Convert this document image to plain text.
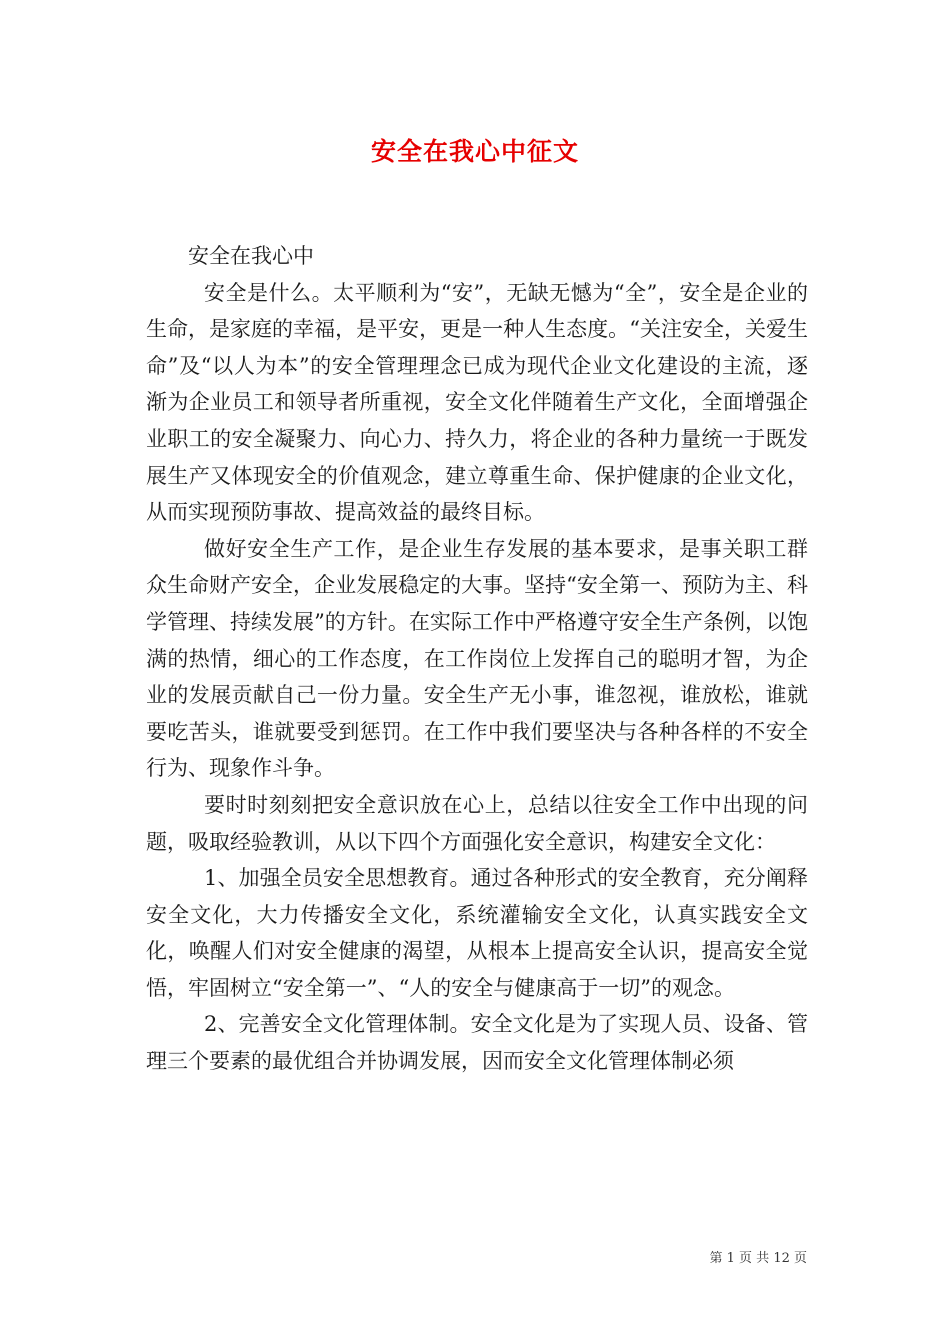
安全在我心中征文

安全在我心中

安全是什么。太平顺利为“安”，无缺无憾为“全”，安全是企业的生命，是家庭的幸福，是平安，更是一种人生态度。“关注安全，关爱生命”及“以人为本”的安全管理理念已成为现代企业文化建设的主流，逐渐为企业员工和领导者所重视，安全文化伴随着生产文化，全面增强企业职工的安全凝聚力、向心力、持久力，将企业的各种力量统一于既发展生产又体现安全的价值观念，建立尊重生命、保护健康的企业文化，从而实现预防事故、提高效益的最终目标。

做好安全生产工作，是企业生存发展的基本要求，是事关职工群众生命财产安全，企业发展稳定的大事。坚持“安全第一、预防为主、科学管理、持续发展”的方针。在实际工作中严格遵守安全生产条例，以饱满的热情，细心的工作态度，在工作岗位上发挥自己的聪明才智，为企业的发展贡献自己一份力量。安全生产无小事，谁忽视，谁放松，谁就要吃苦头，谁就要受到惩罚。在工作中我们要坚决与各种各样的不安全行为、现象作斗争。

要时时刻刻把安全意识放在心上，总结以往安全工作中出现的问题，吸取经验教训，从以下四个方面强化安全意识，构建安全文化：

1、加强全员安全思想教育。通过各种形式的安全教育，充分阐释安全文化，大力传播安全文化，系统灌输安全文化，认真实践安全文化，唤醒人们对安全健康的渴望，从根本上提高安全认识，提高安全觉悟，牢固树立“安全第一”、“人的安全与健康高于一切”的观念。

2、完善安全文化管理体制。安全文化是为了实现人员、设备、管理三个要素的最优组合并协调发展，因而安全文化管理体制必须

第 1 页 共 12 页
